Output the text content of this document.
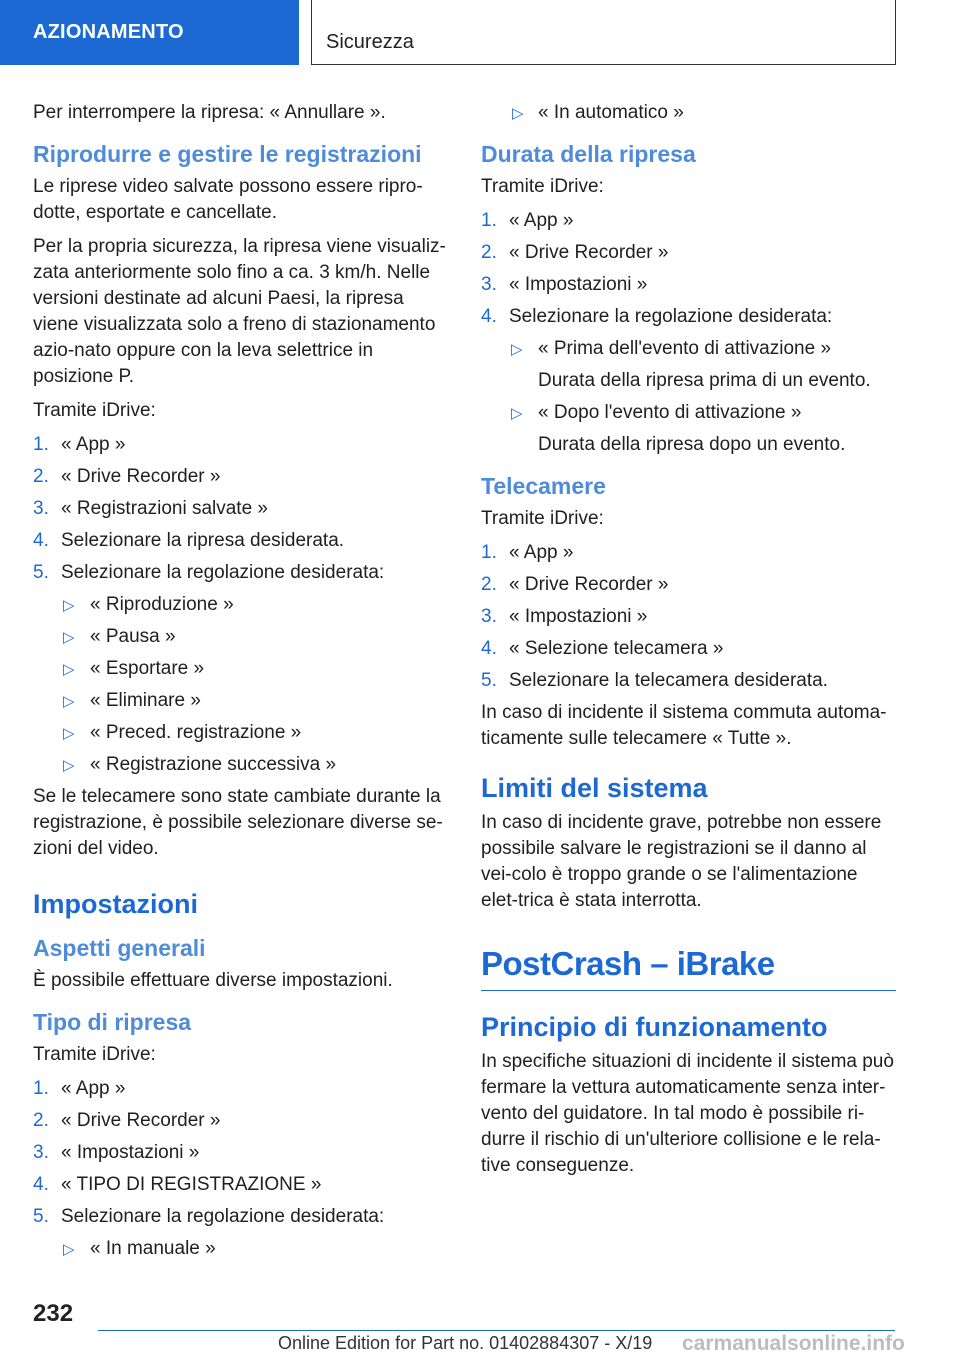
AZIONAMENTO	Sicurezza

Per interrompere la ripresa: « Annullare ».

Riprodurre e gestire le registrazioni

Le riprese video salvate possono essere ripro-dotte, esportate e cancellate.

Per la propria sicurezza, la ripresa viene visualiz-zata anteriormente solo fino a ca. 3 km/h. Nelle versioni destinate ad alcuni Paesi, la ripresa viene visualizzata solo a freno di stazionamento azio-nato oppure con la leva selettrice in posizione P.

Tramite iDrive:

1. « App »
2. « Drive Recorder »
3. « Registrazioni salvate »
4. Selezionare la ripresa desiderata.
5. Selezionare la regolazione desiderata:
▷ « Riproduzione »
▷ « Pausa »
▷ « Esportare »
▷ « Eliminare »
▷ « Preced. registrazione »
▷ « Registrazione successiva »

Se le telecamere sono state cambiate durante la registrazione, è possibile selezionare diverse se-zioni del video.

Impostazioni
Aspetti generali

È possibile effettuare diverse impostazioni.

Tipo di ripresa

Tramite iDrive:

1. « App »
2. « Drive Recorder »
3. « Impostazioni »
4. « TIPO DI REGISTRAZIONE »
5. Selezionare la regolazione desiderata:
▷ « In manuale »
▷ « In automatico »
Durata della ripresa

Tramite iDrive:

1. « App »
2. « Drive Recorder »
3. « Impostazioni »
4. Selezionare la regolazione desiderata:
▷ « Prima dell'evento di attivazione »
Durata della ripresa prima di un evento.
▷ « Dopo l'evento di attivazione »
Durata della ripresa dopo un evento.
Telecamere

Tramite iDrive:

1. « App »
2. « Drive Recorder »
3. « Impostazioni »
4. « Selezione telecamera »
5. Selezionare la telecamera desiderata.

In caso di incidente il sistema commuta automa-ticamente sulle telecamere « Tutte ».

Limiti del sistema

In caso di incidente grave, potrebbe non essere possibile salvare le registrazioni se il danno al vei-colo è troppo grande o se l'alimentazione elet-trica è stata interrotta.

PostCrash – iBrake
Principio di funzionamento

In specifiche situazioni di incidente il sistema può fermare la vettura automaticamente senza inter-vento del guidatore. In tal modo è possibile ri-durre il rischio di un'ulteriore collisione e le rela-tive conseguenze.

232
Online Edition for Part no. 01402884307 - X/19 carmanualsonline.info
